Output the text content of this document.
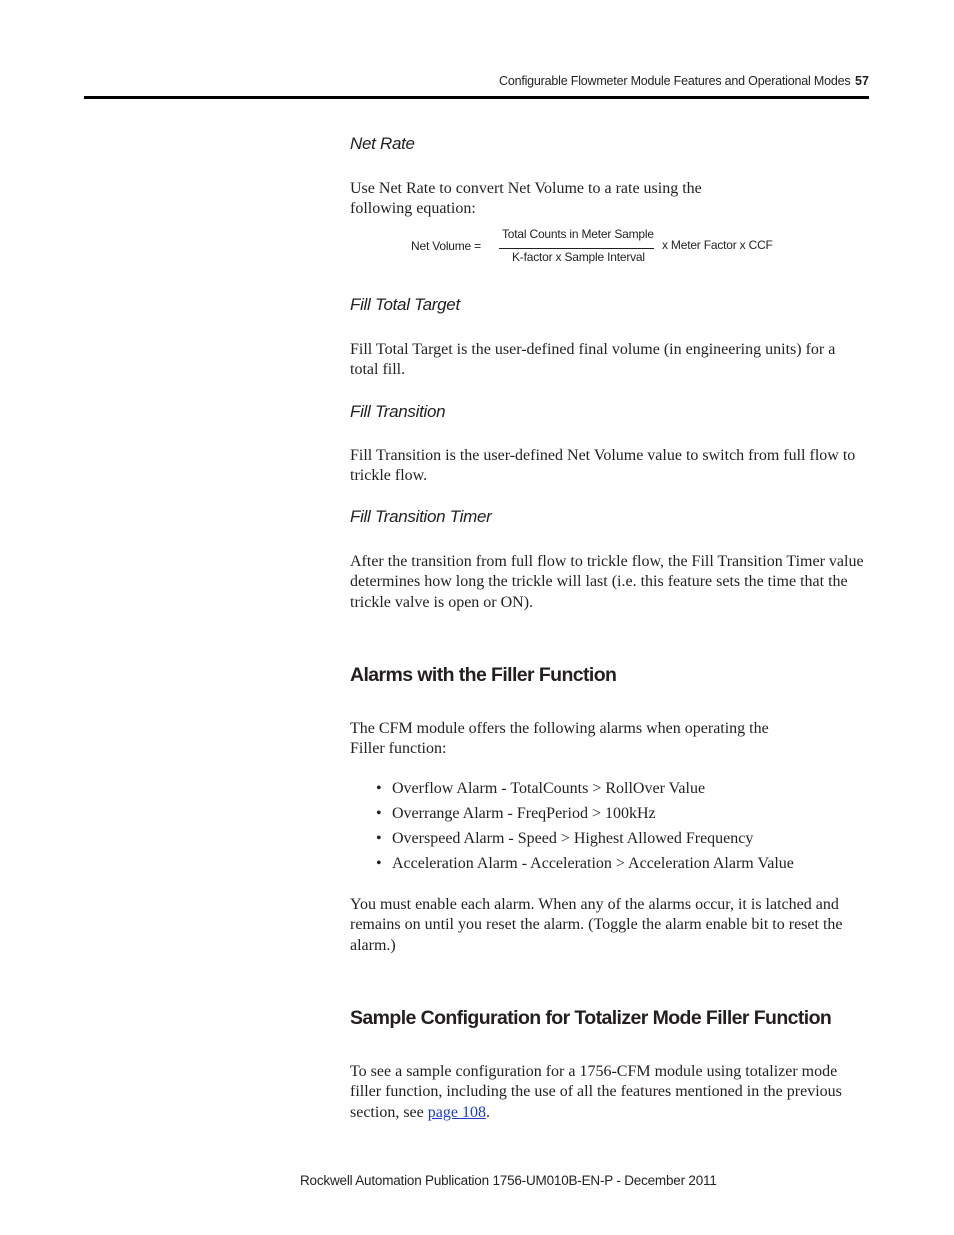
Configurable Flowmeter Module Features and Operational Modes 57
Net Rate
Use Net Rate to convert Net Volume to a rate using the
following equation:
Net Volume =
Total Counts in Meter Sample
K-factor x Sample Interval
x Meter Factor x CCF
Fill Total Target
Fill Total Target is the user-defined final volume (in engineering units) for a total fill.
Fill Transition
Fill Transition is the user-defined Net Volume value to switch from full flow to trickle flow.
Fill Transition Timer
After the transition from full flow to trickle flow, the Fill Transition Timer value determines how long the trickle will last (i.e. this feature sets the time that the trickle valve is open or ON).
Alarms with the Filler Function
The CFM module offers the following alarms when operating the
Filler function:
• Overflow Alarm - TotalCounts > RollOver Value
• Overrange Alarm - FreqPeriod > 100kHz
• Overspeed Alarm - Speed > Highest Allowed Frequency
• Acceleration Alarm - Acceleration > Acceleration Alarm Value
You must enable each alarm. When any of the alarms occur, it is latched and remains on until you reset the alarm. (Toggle the alarm enable bit to reset the alarm.)
Sample Configuration for Totalizer Mode Filler Function
To see a sample configuration for a 1756-CFM module using totalizer mode filler function, including the use of all the features mentioned in the previous section, see page 108.
Rockwell Automation Publication 1756-UM010B-EN-P - December 2011
